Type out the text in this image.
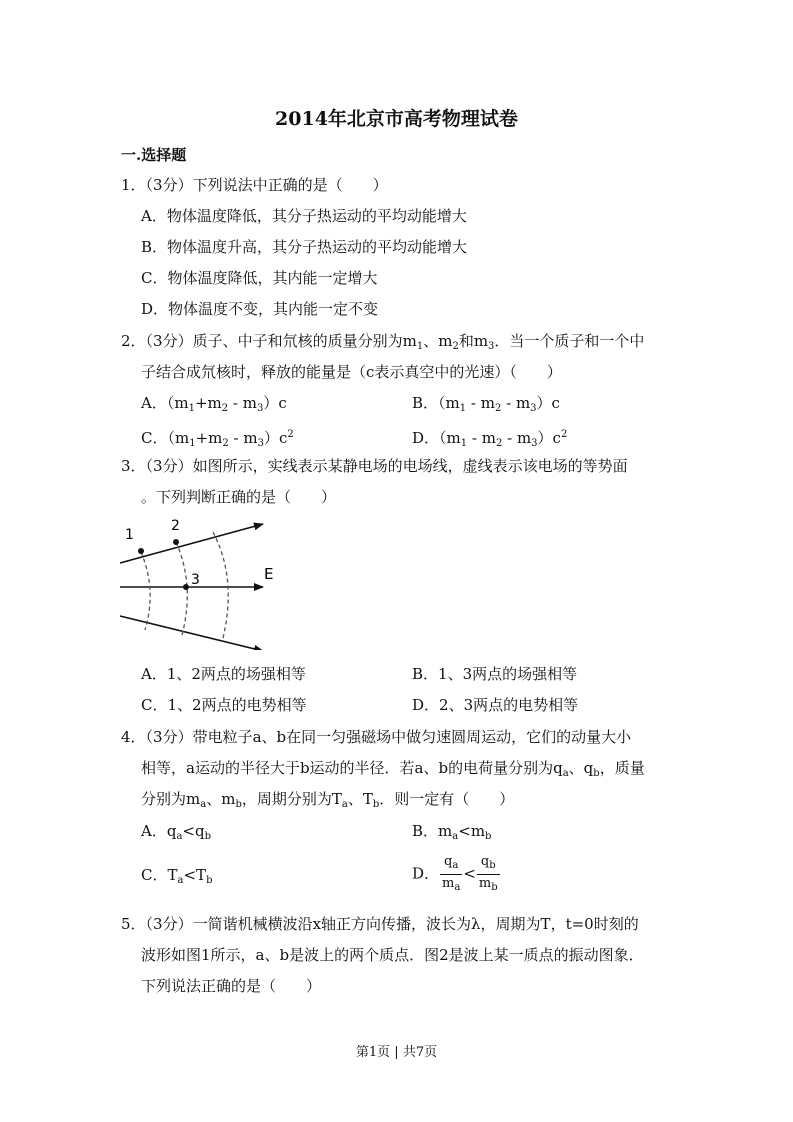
2014年北京市高考物理试卷
一.选择题
1．（3分）下列说法中正确的是（　　）
A．物体温度降低，其分子热运动的平均动能增大
B．物体温度升高，其分子热运动的平均动能增大
C．物体温度降低，其内能一定增大
D．物体温度不变，其内能一定不变
2．（3分）质子、中子和氘核的质量分别为$m_1$、$m_2$和$m_3$．当一个质子和一个中
子结合成氘核时，释放的能量是（c表示真空中的光速）（　　）
A．$(m_1+m_2 - m_3)c$	B．$(m_1 - m_2 - m_3)c$
C．$(m_1+m_2 - m_3)c^2$	D．$(m_1 - m_2 - m_3)c^2$
3．（3分）如图所示，实线表示某静电场的电场线，虚线表示该电场的等势面
。下列判断正确的是（　　）
1
2
3	E
A．1、2两点的场强相等	B．1、3两点的场强相等
C．1、2两点的电势相等	D．2、3两点的电势相等
4．（3分）带电粒子a、b在同一匀强磁场中做匀速圆周运动，它们的动量大小
相等，a运动的半径大于b运动的半径．若a、b的电荷量分别为$q_a$、$q_b$，质量
分别为$m_a$、$m_b$，周期分别为$T_a$、$T_b$．则一定有（　　）
A．$q_a<q_b$	B．$m_a<m_b$
C．$T_a<T_b$	D． $\frac{q_a}{m_a} < \frac{q_b}{m_b}$
5．（3分）一简谐机械横波沿x轴正方向传播，波长为λ，周期为T，t=0时刻的
波形如图1所示，a、b是波上的两个质点．图2是波上某一质点的振动图象．
下列说法正确的是（　　）
第1页 | 共7页
